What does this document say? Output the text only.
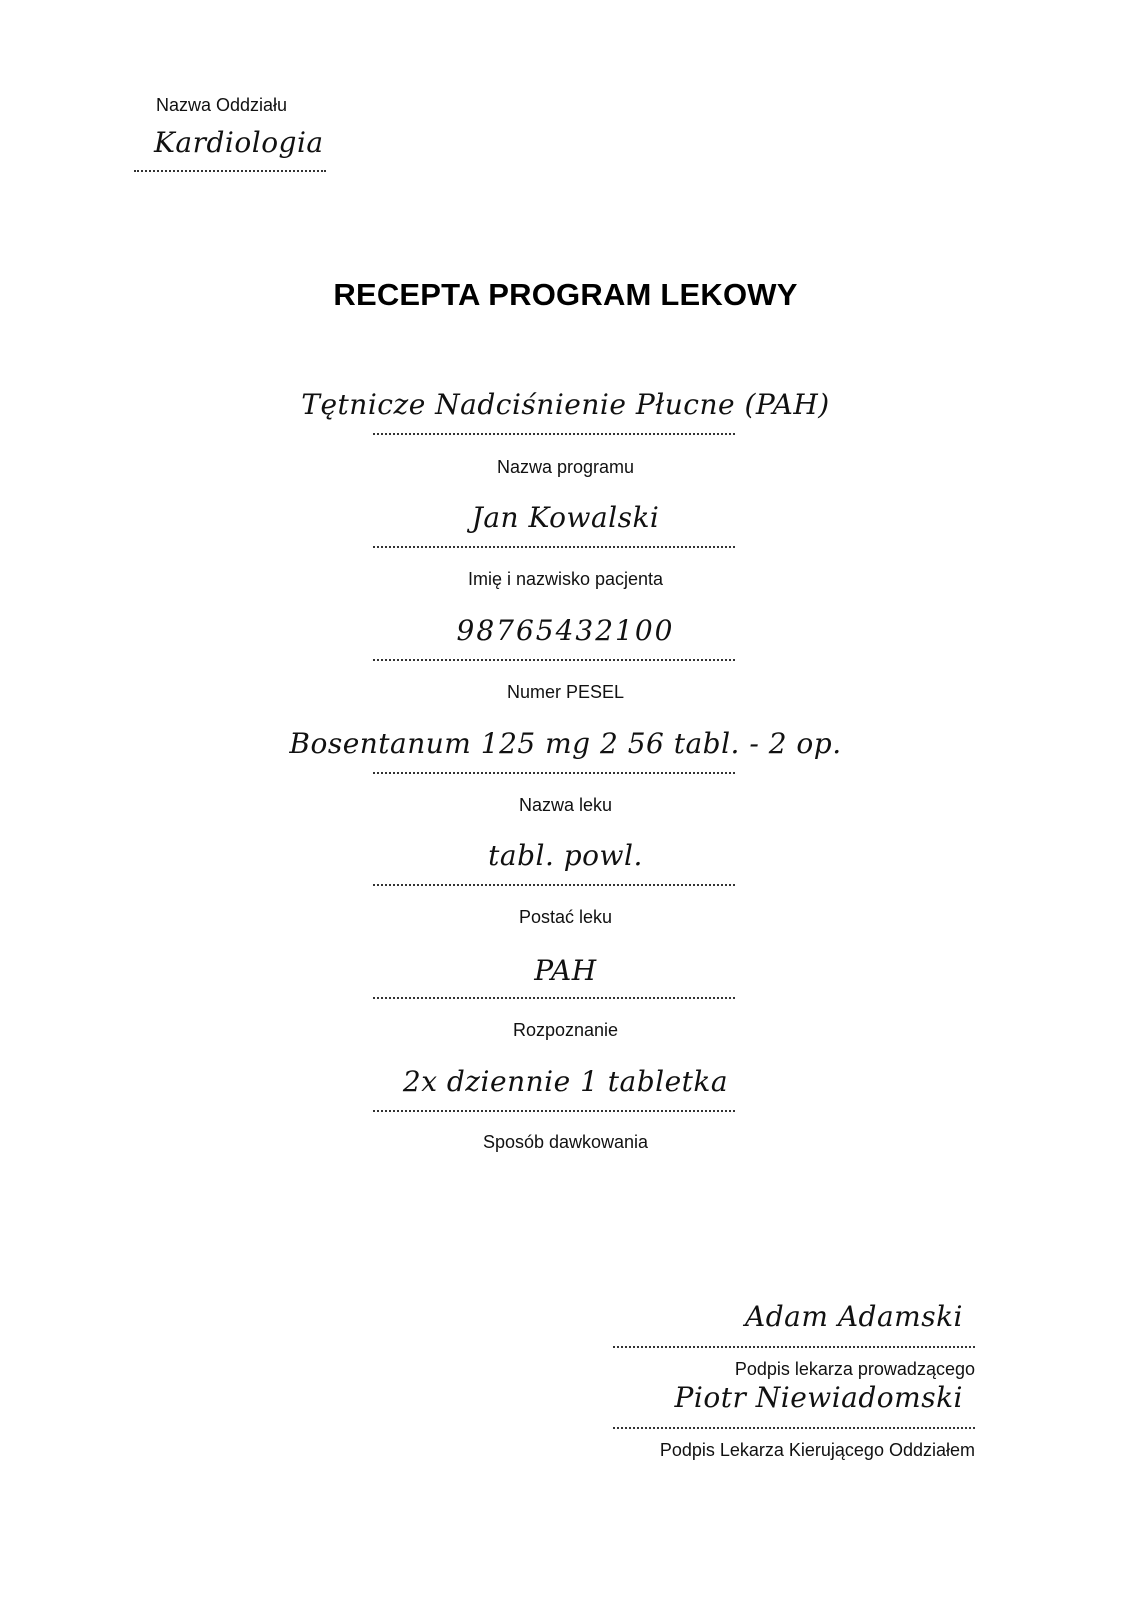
Nazwa Oddziału
Kardiologia
RECEPTA PROGRAM LEKOWY
Tętnicze Nadciśnienie Płucne (PAH)
Nazwa programu
Jan Kowalski
Imię i nazwisko pacjenta
98765432100
Numer PESEL
Bosentanum 125 mg 2 56 tabl. - 2 op.
Nazwa leku
tabl. powl.
Postać leku
PAH
Rozpoznanie
2x dziennie 1 tabletka
Sposób dawkowania
Adam Adamski
Podpis lekarza prowadzącego
Piotr Niewiadomski
Podpis Lekarza Kierującego Oddziałem
